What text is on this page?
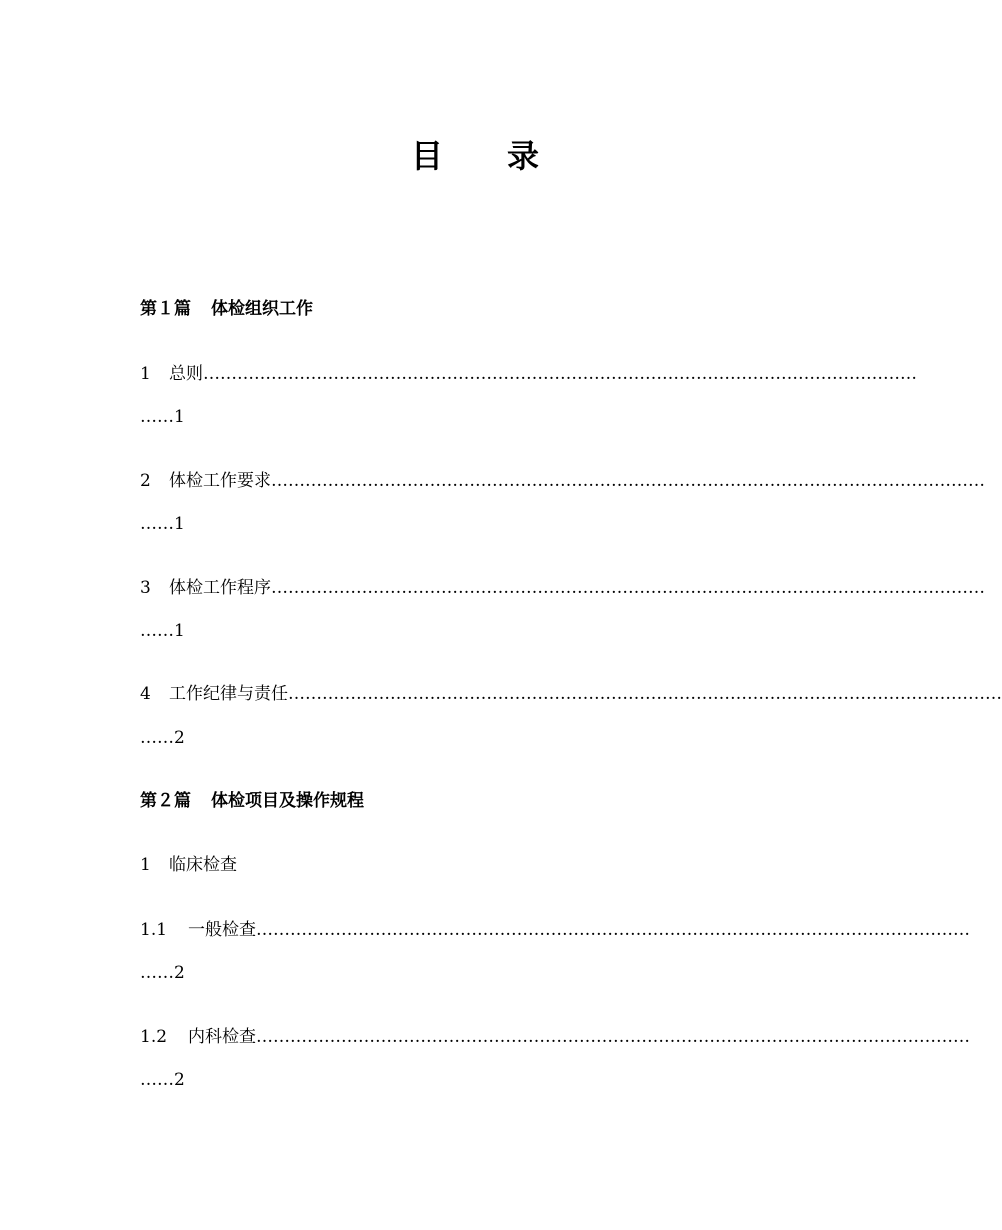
目 录
第１篇 体检组织工作
1 总则………………………………………………………………………………………………………………
……1
2 体检工作要求………………………………………………………………………………………………………………
……1
3 体检工作程序………………………………………………………………………………………………………………
……1
4 工作纪律与责任………………………………………………………………………………………………………………
……2
第２篇 体检项目及操作规程
1 临床检查
1.1 一般检查………………………………………………………………………………………………………………
……2
1.2 内科检查………………………………………………………………………………………………………………
……2
